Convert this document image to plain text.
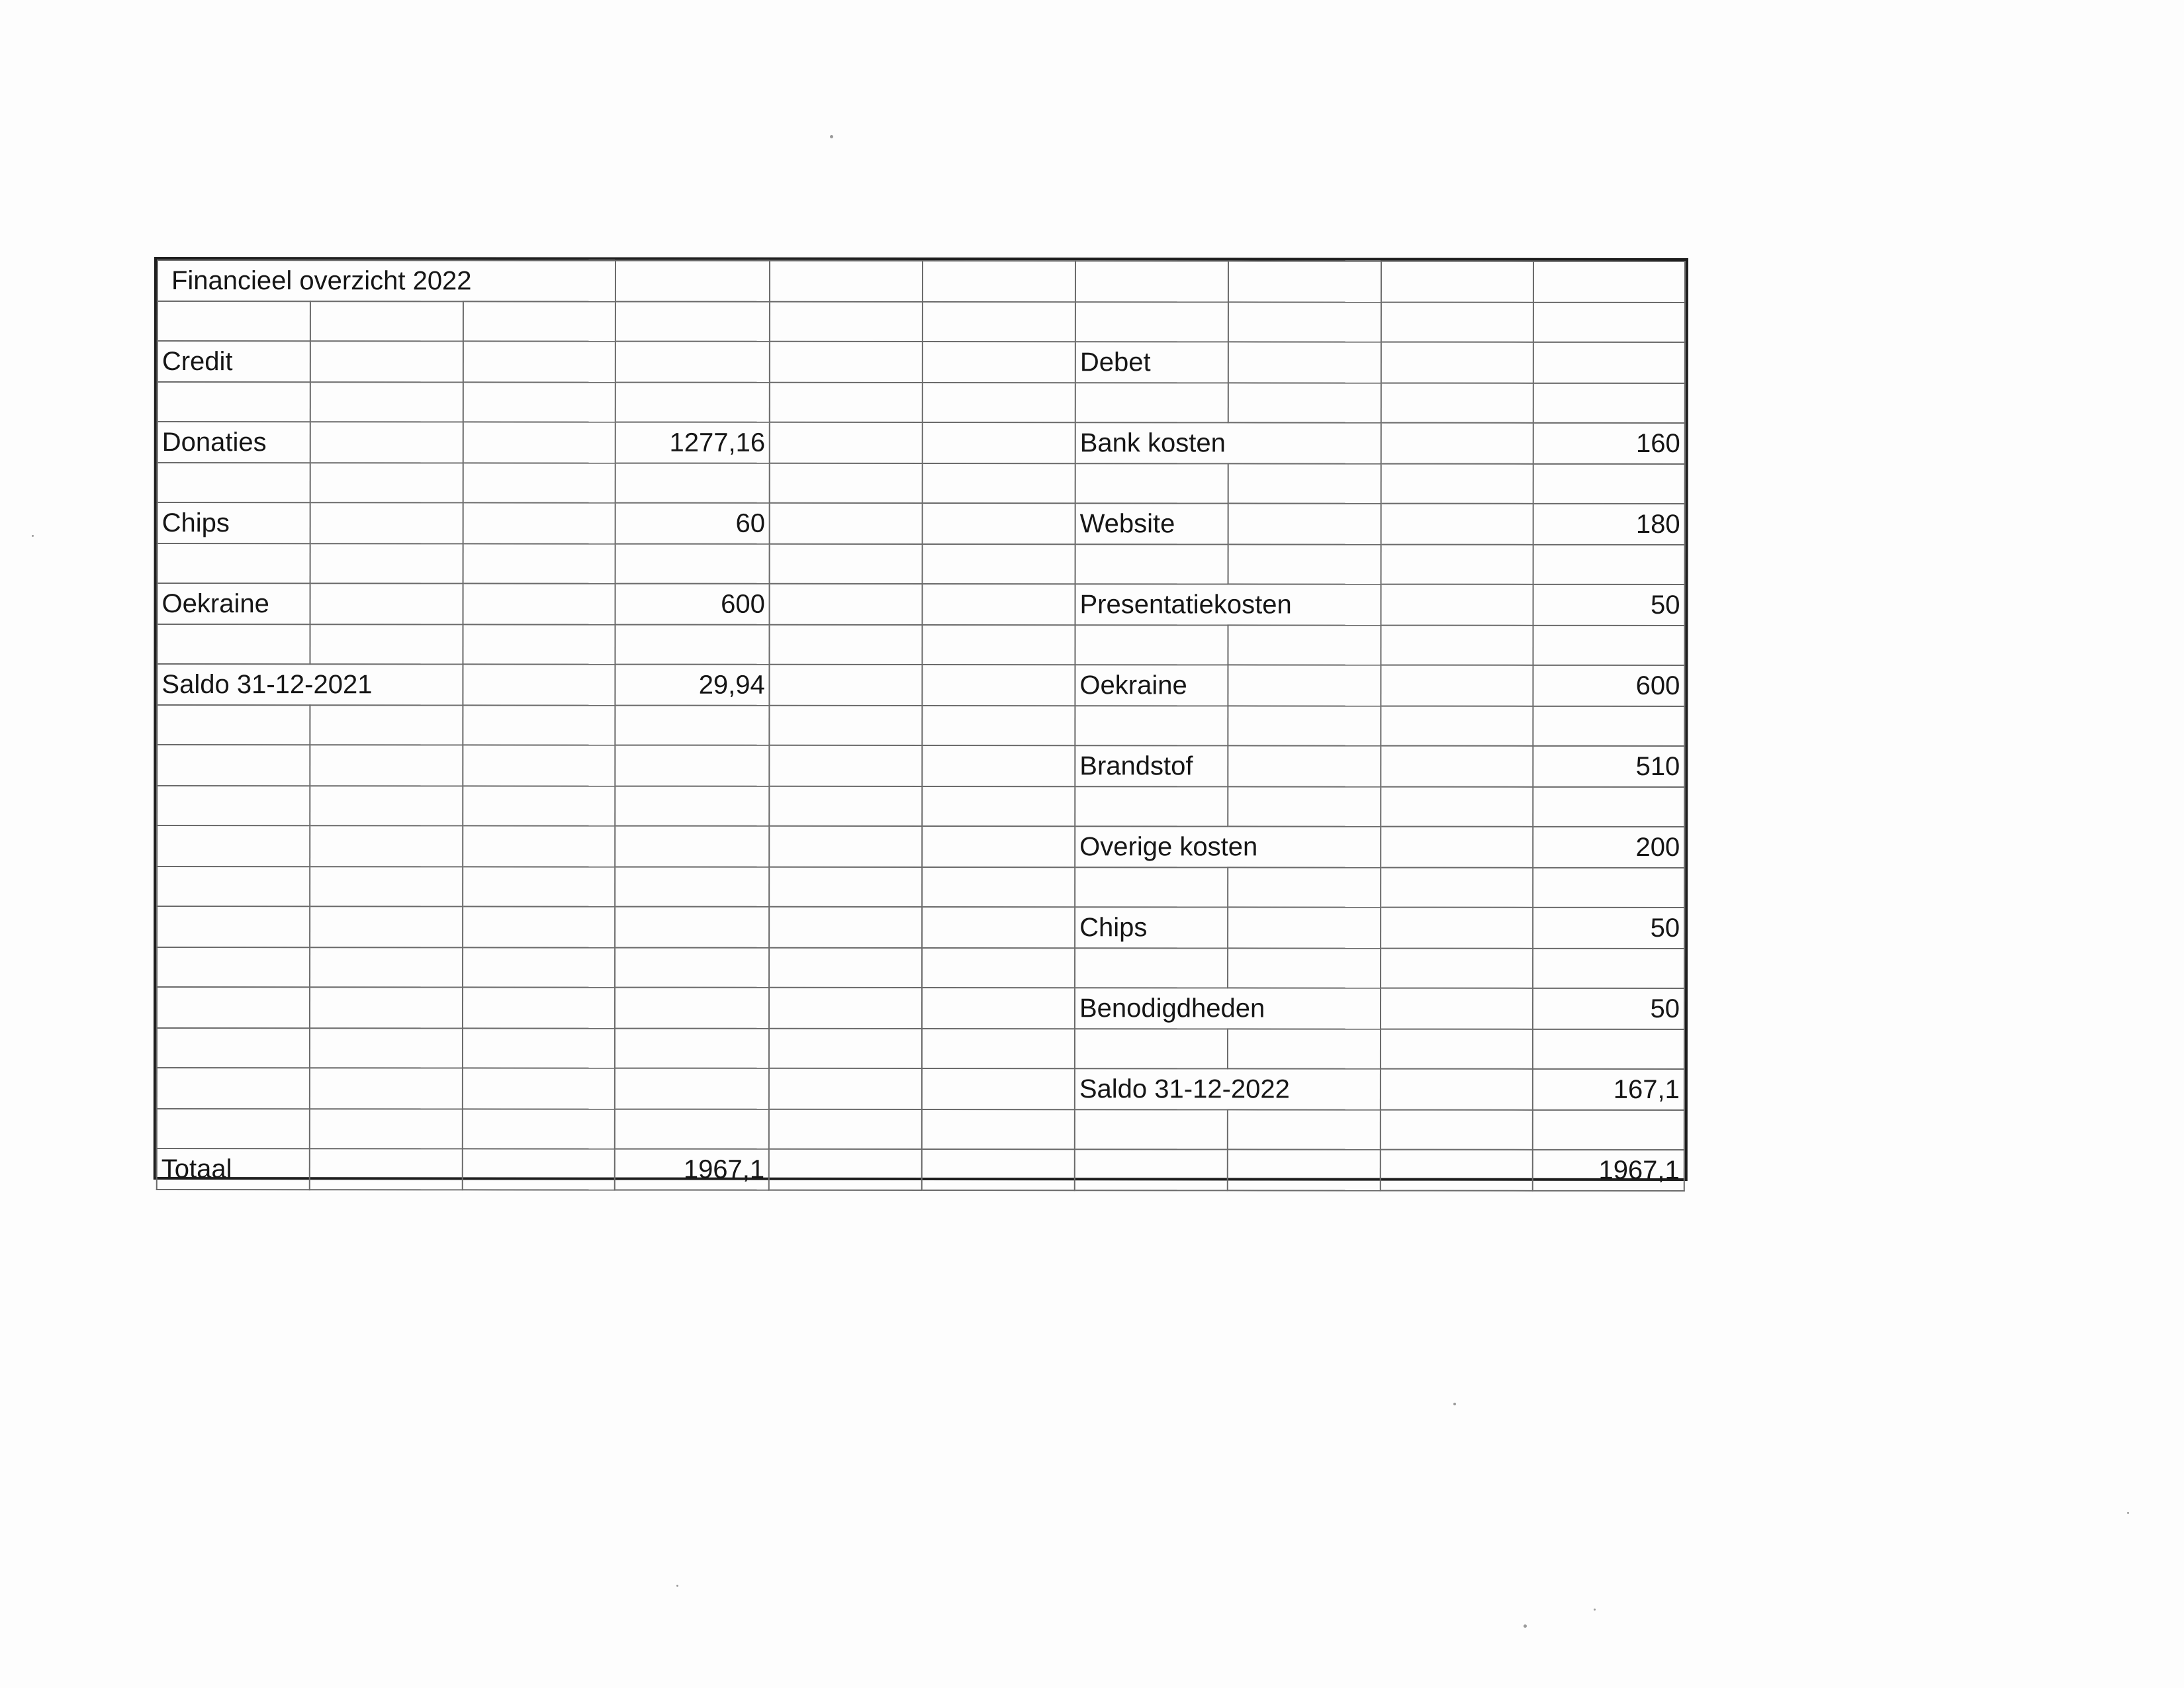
Financieel overzicht 2022									

Credit						Debet			

Donaties			1277,16			Bank kosten			160

Chips			60			Website			180

Oekraine			600			Presentatiekosten			50

Saldo 31-12-2021			29,94			Oekraine			600

						Brandstof			510

						Overige kosten			200

						Chips			50

						Benodigdheden			50

						Saldo 31-12-2022			167,1

Totaal			1967,1						1967,1
